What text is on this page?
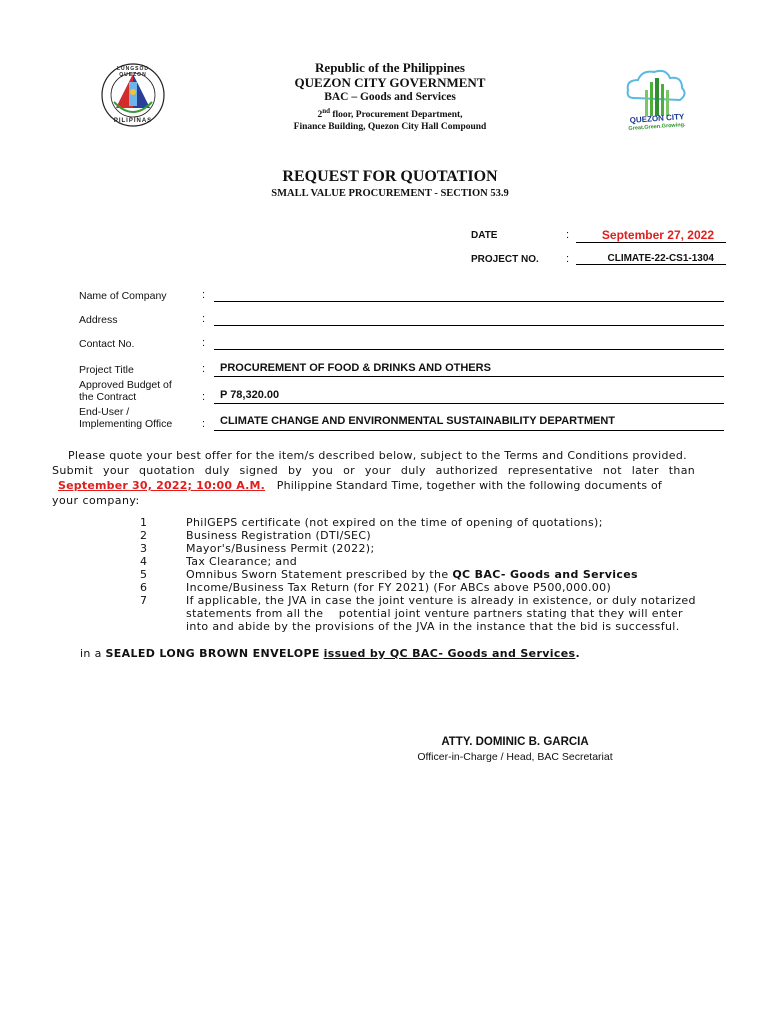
LUNGSOD QUEZON
PILIPINAS
Republic of the Philippines
QUEZON CITY GOVERNMENT
BAC – Goods and Services
2nd floor, Procurement Department,
Finance Building, Quezon City Hall Compound
QUEZON CITY
Great.Green.Growing.
REQUEST FOR QUOTATION
SMALL VALUE PROCUREMENT - SECTION 53.9
DATE	:	September 27, 2022
PROJECT NO. :	CLIMATE-22-CS1-1304
Name of Company	:
Address	:
Contact No.	:
Project Title	: PROCUREMENT OF FOOD & DRINKS AND OTHERS
Approved Budget of
the Contract	: P 78,320.00
End-User /
Implementing Office	: CLIMATE CHANGE AND ENVIRONMENTAL SUSTAINABILITY DEPARTMENT
Please quote your best offer for the item/s described below, subject to the Terms and Conditions provided.
Submit your quotation duly signed by you or your duly authorized representative not later than
September 30, 2022; 10:00 A.M. Philippine Standard Time, together with the following documents of
your company:
1	PhilGEPS certificate (not expired on the time of opening of quotations);
2	Business Registration (DTI/SEC)
3	Mayor's/Business Permit (2022);
4	Tax Clearance; and
5	Omnibus Sworn Statement prescribed by the QC BAC- Goods and Services
6	Income/Business Tax Return (for FY 2021) (For ABCs above P500,000.00)
7	If applicable, the JVA in case the joint venture is already in existence, or duly notarized
statements from all the    potential joint venture partners stating that they will enter
into and abide by the provisions of the JVA in the instance that the bid is successful.
in a SEALED LONG BROWN ENVELOPE issued by QC BAC- Goods and Services.
ATTY. DOMINIC B. GARCIA
Officer-in-Charge / Head, BAC Secretariat
